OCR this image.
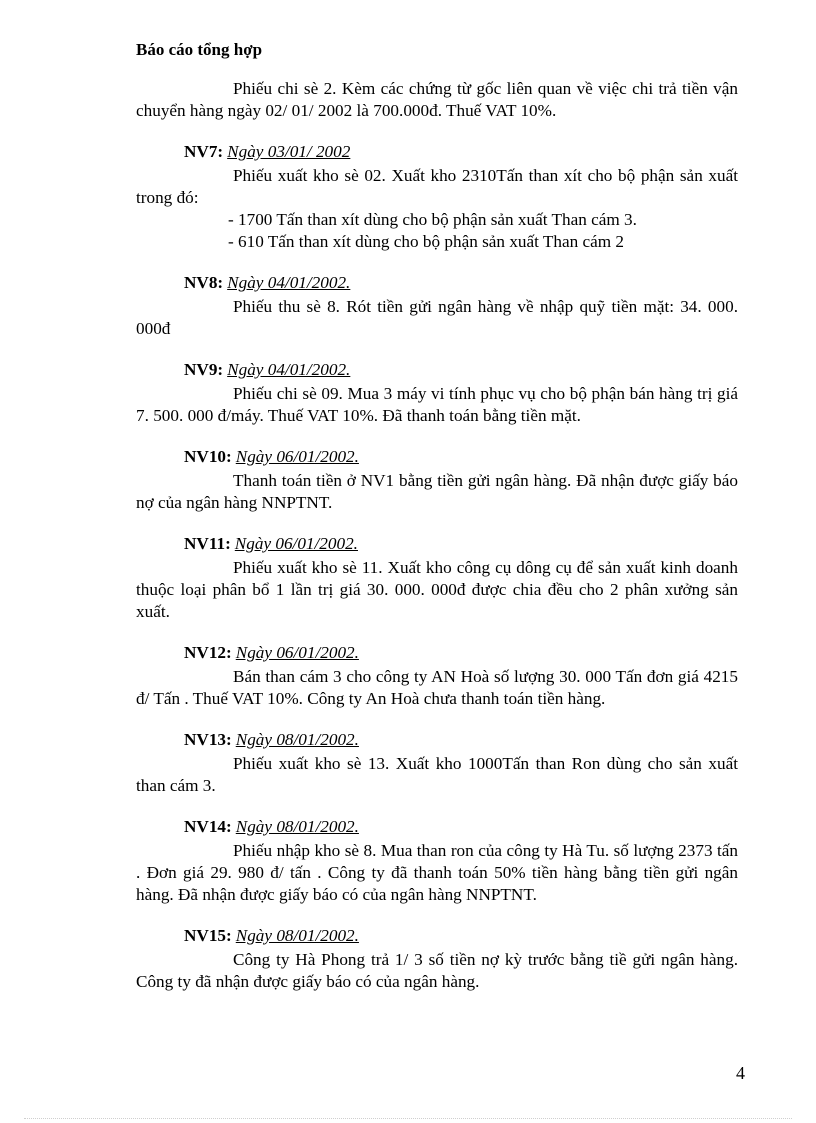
Báo cáo tổng hợp

Phiếu chi sè 2. Kèm các chứng từ gốc liên quan về việc chi trả tiền vận chuyển hàng ngày 02/ 01/ 2002 là 700.000đ. Thuế VAT 10%.

NV7: Ngày 03/01/ 2002

Phiếu xuất kho sè 02. Xuất kho 2310Tấn than xít cho bộ phận sản xuất trong đó:

- 1700 Tấn than xít dùng cho bộ phận sản xuất Than cám 3.

- 610 Tấn than xít dùng cho bộ phận sản xuất Than cám 2

NV8: Ngày 04/01/2002.

Phiếu thu sè 8. Rót tiền gửi ngân hàng về nhập quỹ tiền mặt: 34. 000. 000đ

NV9: Ngày 04/01/2002.

Phiếu chi sè 09. Mua 3 máy vi tính phục vụ cho bộ phận bán hàng trị giá 7. 500. 000 đ/máy. Thuế VAT 10%. Đã thanh toán bằng tiền mặt.

NV10: Ngày 06/01/2002.

Thanh toán tiền ở NV1 bằng tiền gửi ngân hàng. Đã nhận được giấy báo nợ của ngân hàng NNPTNT.

NV11: Ngày 06/01/2002.

Phiếu xuất kho sè 11. Xuất kho công cụ dông cụ để sản xuất kinh doanh thuộc loại phân bổ 1 lần trị giá 30. 000. 000đ được chia đều cho 2 phân xưởng sản xuất.

NV12: Ngày 06/01/2002.

Bán than cám 3 cho công ty AN Hoà số lượng 30. 000 Tấn đơn giá 4215 đ/ Tấn . Thuế VAT 10%. Công ty An Hoà chưa thanh toán tiền hàng.

NV13: Ngày 08/01/2002.

Phiếu xuất kho sè 13. Xuất kho 1000Tấn than Ron dùng cho sản xuất than cám 3.

NV14: Ngày 08/01/2002.

Phiếu nhập kho sè 8. Mua than ron của công ty Hà Tu. số lượng 2373 tấn . Đơn giá 29. 980 đ/ tấn . Công ty đã thanh toán 50% tiền hàng bằng tiền gửi ngân hàng. Đã nhận được giấy báo có của ngân hàng NNPTNT.

NV15: Ngày 08/01/2002.

Công ty Hà Phong trả 1/ 3 số tiền nợ kỳ trước bằng tiề gửi ngân hàng. Công ty đã nhận được giấy báo có của ngân hàng.

4
